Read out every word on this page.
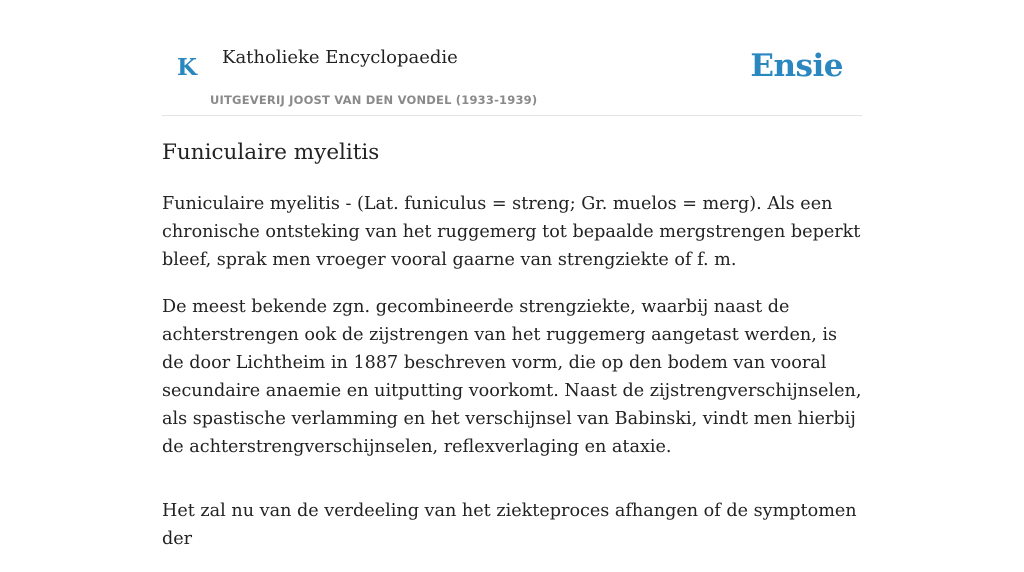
K Katholieke Encyclopaedie
UITGEVERIJ JOOST VAN DEN VONDEL (1933-1939)
Ensie
Funiculaire myelitis

Funiculaire myelitis - (Lat. funiculus = streng; Gr. muelos = merg). Als een chronische ontsteking van het ruggemerg tot bepaalde mergstrengen beperkt bleef, sprak men vroeger vooral gaarne van strengziekte of f. m.

De meest bekende zgn. gecombineerde strengziekte, waarbij naast de achterstrengen ook de zijstrengen van het ruggemerg aangetast werden, is de door Lichtheim in 1887 beschreven vorm, die op den bodem van vooral secundaire anaemie en uitputting voorkomt. Naast de zijstrengverschijnselen, als spastische verlamming en het verschijnsel van Babinski, vindt men hierbij de achterstrengverschijnselen, reflexverlaging en ataxie.

Het zal nu van de verdeeling van het ziekteproces afhangen of de symptomen der
